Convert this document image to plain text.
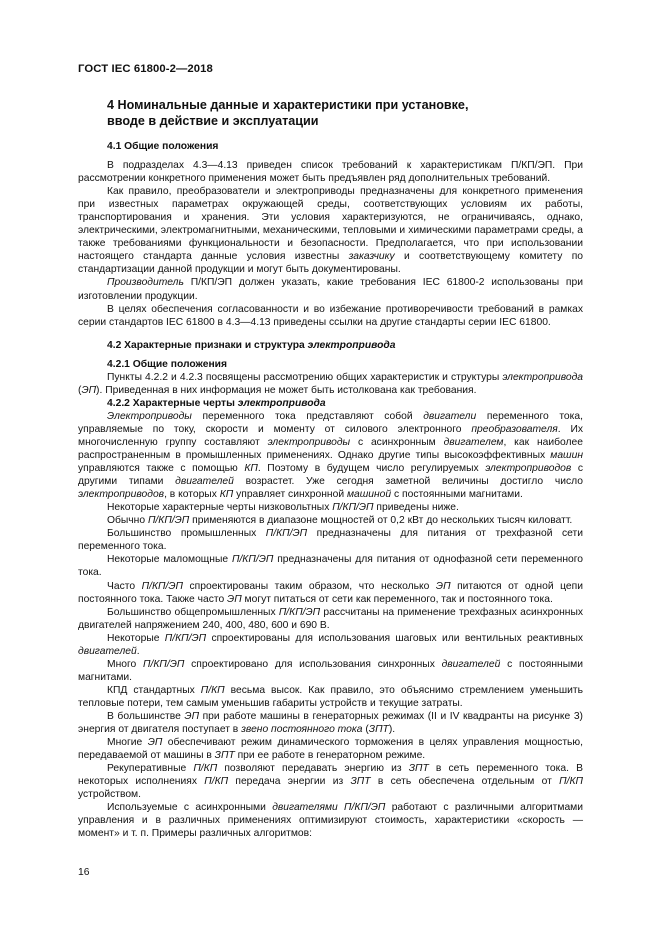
ГОСТ IEC 61800-2—2018
4 Номинальные данные и характеристики при установке,
вводе в действие и эксплуатации
4.1 Общие положения

В подразделах 4.3—4.13 приведен список требований к характеристикам П/КП/ЭП. При рассмотрении конкретного применения может быть предъявлен ряд дополнительных требований.

Как правило, преобразователи и электроприводы предназначены для конкретного применения при известных параметрах окружающей среды, соответствующих условиям их работы, транспортирования и хранения. Эти условия характеризуются, не ограничиваясь, однако, электрическими, электромагнитными, механическими, тепловыми и химическими параметрами среды, а также требованиями функциональности и безопасности. Предполагается, что при использовании настоящего стандарта данные условия известны заказчику и соответствующему комитету по стандартизации данной продукции и могут быть документированы.

Производитель П/КП/ЭП должен указать, какие требования IEC 61800-2 использованы при изготовлении продукции.

В целях обеспечения согласованности и во избежание противоречивости требований в рамках серии стандартов IEC 61800 в 4.3—4.13 приведены ссылки на другие стандарты серии IEC 61800.

4.2 Характерные признаки и структура электропривода
4.2.1 Общие положения

Пункты 4.2.2 и 4.2.3 посвящены рассмотрению общих характеристик и структуры электропривода (ЭП). Приведенная в них информация не может быть истолкована как требования.

4.2.2 Характерные черты электропривода

Электроприводы переменного тока представляют собой двигатели переменного тока, управляемые по току, скорости и моменту от силового электронного преобразователя. Их многочисленную группу составляют электроприводы с асинхронным двигателем, как наиболее распространенным в промышленных применениях. Однако другие типы высокоэффективных машин управляются также с помощью КП. Поэтому в будущем число регулируемых электроприводов с другими типами двигателей возрастет. Уже сегодня заметной величины достигло число электроприводов, в которых КП управляет синхронной машиной с постоянными магнитами.

Некоторые характерные черты низковольтных П/КП/ЭП приведены ниже.

Обычно П/КП/ЭП применяются в диапазоне мощностей от 0,2 кВт до нескольких тысяч киловатт.

Большинство промышленных П/КП/ЭП предназначены для питания от трехфазной сети переменного тока.

Некоторые маломощные П/КП/ЭП предназначены для питания от однофазной сети переменного тока.

Часто П/КП/ЭП спроектированы таким образом, что несколько ЭП питаются от одной цепи постоянного тока. Также часто ЭП могут питаться от сети как переменного, так и постоянного тока.

Большинство общепромышленных П/КП/ЭП рассчитаны на применение трехфазных асинхронных двигателей напряжением 240, 400, 480, 600 и 690 В.

Некоторые П/КП/ЭП спроектированы для использования шаговых или вентильных реактивных двигателей.

Много П/КП/ЭП спроектировано для использования синхронных двигателей с постоянными магнитами.

КПД стандартных П/КП весьма высок. Как правило, это объяснимо стремлением уменьшить тепловые потери, тем самым уменьшив габариты устройств и текущие затраты.

В большинстве ЭП при работе машины в генераторных режимах (II и IV квадранты на рисунке 3) энергия от двигателя поступает в звено постоянного тока (ЗПТ).

Многие ЭП обеспечивают режим динамического торможения в целях управления мощностью, передаваемой от машины в ЗПТ при ее работе в генераторном режиме.

Рекуперативные П/КП позволяют передавать энергию из ЗПТ в сеть переменного тока. В некоторых исполнениях П/КП передача энергии из ЗПТ в сеть обеспечена отдельным от П/КП устройством.

Используемые с асинхронными двигателями П/КП/ЭП работают с различными алгоритмами управления и в различных применениях оптимизируют стоимость, характеристики «скорость — момент» и т. п. Примеры различных алгоритмов:

16
